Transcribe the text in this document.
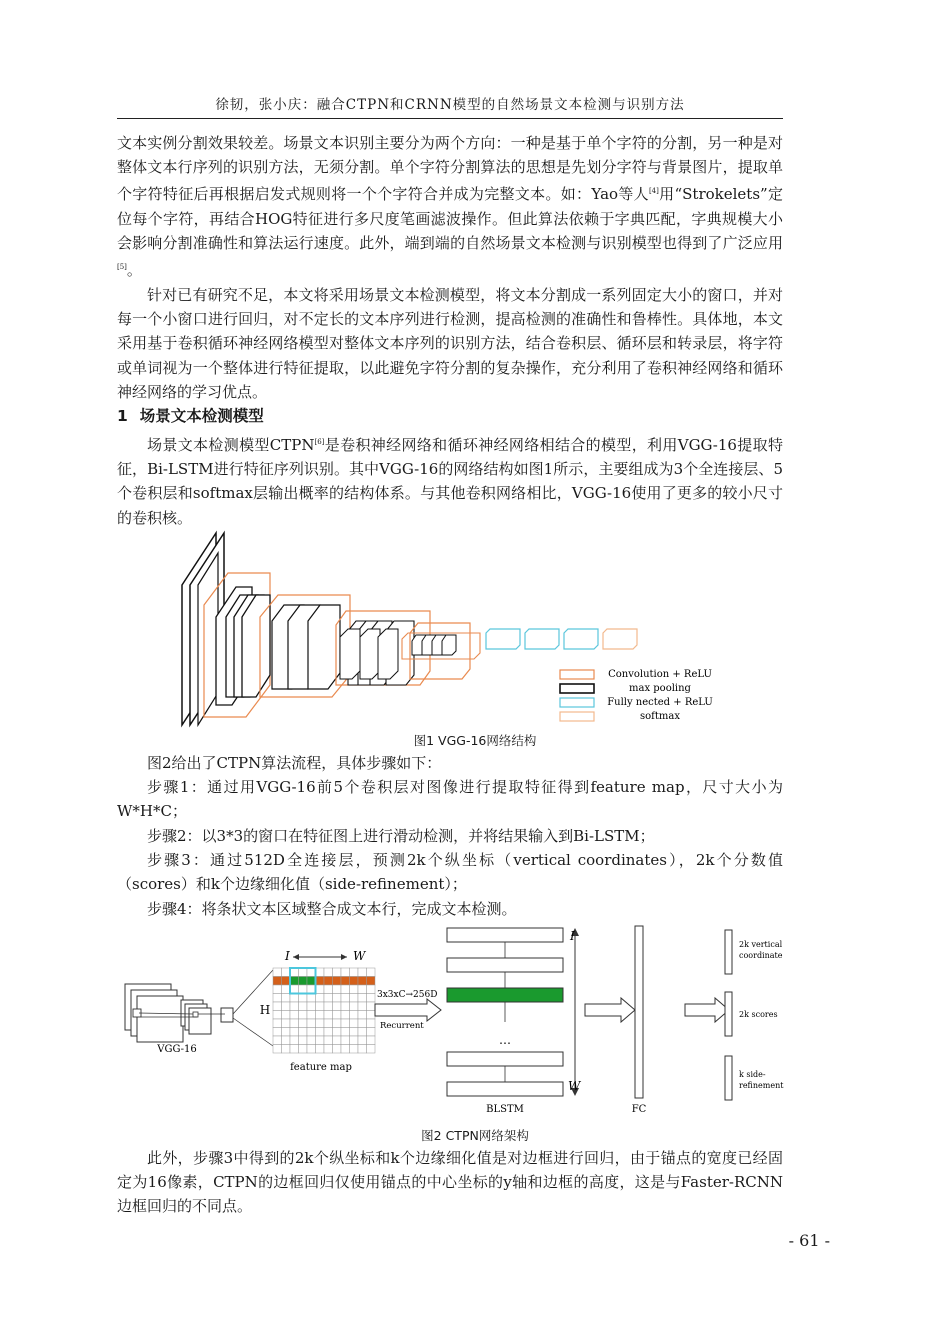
徐韧，张小庆：融合CTPN和CRNN模型的自然场景文本检测与识别方法

文本实例分割效果较差。场景文本识别主要分为两个方向：一种是基于单个字符的分割，另一种是对整体文本行序列的识别方法，无须分割。单个字符分割算法的思想是先划分字符与背景图片，提取单个字符特征后再根据启发式规则将一个个字符合并成为完整文本。如：Yao等人[4]用“Strokelets”定位每个字符，再结合HOG特征进行多尺度笔画滤波操作。但此算法依赖于字典匹配，字典规模大小会影响分割准确性和算法运行速度。此外，端到端的自然场景文本检测与识别模型也得到了广泛应用[5]。

针对已有研究不足，本文将采用场景文本检测模型，将文本分割成一系列固定大小的窗口，并对每一个小窗口进行回归，对不定长的文本序列进行检测，提高检测的准确性和鲁棒性。具体地，本文采用基于卷积循环神经网络模型对整体文本序列的识别方法，结合卷积层、循环层和转录层，将字符或单词视为一个整体进行特征提取，以此避免字符分割的复杂操作，充分利用了卷积神经网络和循环神经网络的学习优点。

1 场景文本检测模型

场景文本检测模型CTPN[6]是卷积神经网络和循环神经网络相结合的模型，利用VGG-16提取特征，Bi-LSTM进行特征序列识别。其中VGG-16的网络结构如图1所示，主要组成为3个全连接层、5个卷积层和softmax层输出概率的结构体系。与其他卷积网络相比，VGG-16使用了更多的较小尺寸的卷积核。

Convolution + ReLU
max pooling
Fully nected + ReLU
softmax
图1 VGG-16网络结构

图2给出了CTPN算法流程，具体步骤如下：

步骤1：通过用VGG-16前5个卷积层对图像进行提取特征得到feature map，尺寸大小为W*H*C；

步骤2：以3*3的窗口在特征图上进行滑动检测，并将结果输入到Bi-LSTM；

步骤3：通过512D全连接层，预测2k个纵坐标（vertical coordinates），2k个分数值（scores）和k个边缘细化值（side-refinement）；

步骤4：将条状文本区域整合成文本行，完成文本检测。

VGG-16
H
I	W
feature map
3x3xC→256D
Recurrent
…
I
W
BLSTM	FC
2k vertical
coordinate
2k scores
k side-
refinement
图2 CTPN网络架构

此外，步骤3中得到的2k个纵坐标和k个边缘细化值是对边框进行回归，由于锚点的宽度已经固定为16像素，CTPN的边框回归仅使用锚点的中心坐标的y轴和边框的高度，这是与Faster-RCNN边框回归的不同点。

- 61 -
